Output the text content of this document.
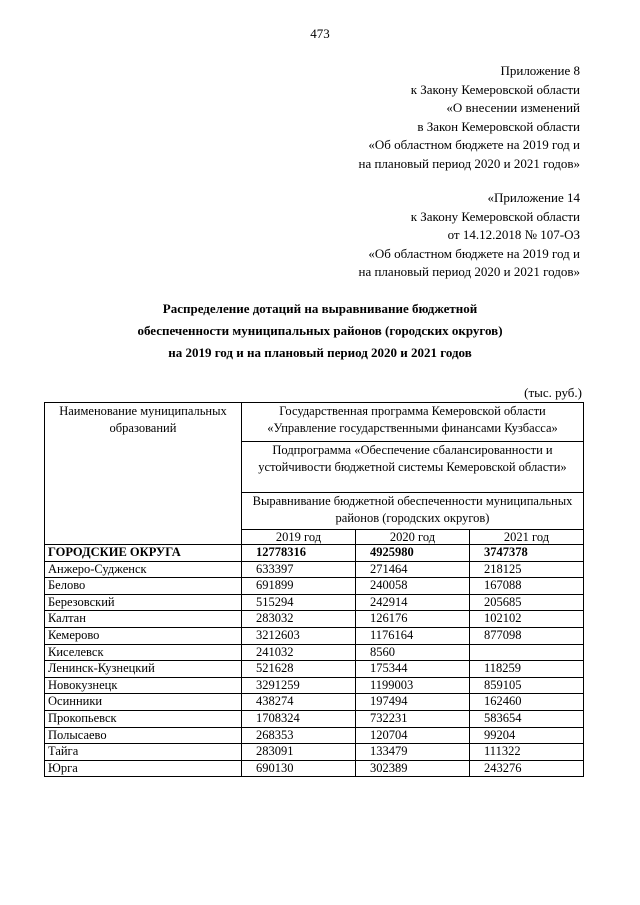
473
Приложение 8
к Закону Кемеровской области
«О внесении изменений
в Закон Кемеровской области
«Об областном бюджете на 2019 год и
на плановый период 2020 и 2021 годов»
«Приложение 14
к Закону Кемеровской области
от 14.12.2018 № 107-ОЗ
«Об областном бюджете на 2019 год и
на плановый период 2020 и 2021 годов»
Распределение дотаций на выравнивание бюджетной
обеспеченности муниципальных районов (городских округов)
на 2019 год и на плановый период 2020 и 2021 годов
(тыс. руб.)
Наименование муниципальных образований	Государственная программа Кемеровской области «Управление государственными финансами Кузбасса»		
	Подпрограмма «Обеспечение сбалансированности и устойчивости бюджетной системы Кемеровской области»		
	Выравнивание бюджетной обеспеченности муниципальных районов (городских округов)		
	2019 год	2020 год	2021 год
ГОРОДСКИЕ ОКРУГА	12778316	4925980	3747378
Анжеро-Судженск	633397	271464	218125
Белово	691899	240058	167088
Березовский	515294	242914	205685
Калтан	283032	126176	102102
Кемерово	3212603	1176164	877098
Киселевск	241032	8560	
Ленинск-Кузнецкий	521628	175344	118259
Новокузнецк	3291259	1199003	859105
Осинники	438274	197494	162460
Прокопьевск	1708324	732231	583654
Полысаево	268353	120704	99204
Тайга	283091	133479	111322
Юрга	690130	302389	243276
